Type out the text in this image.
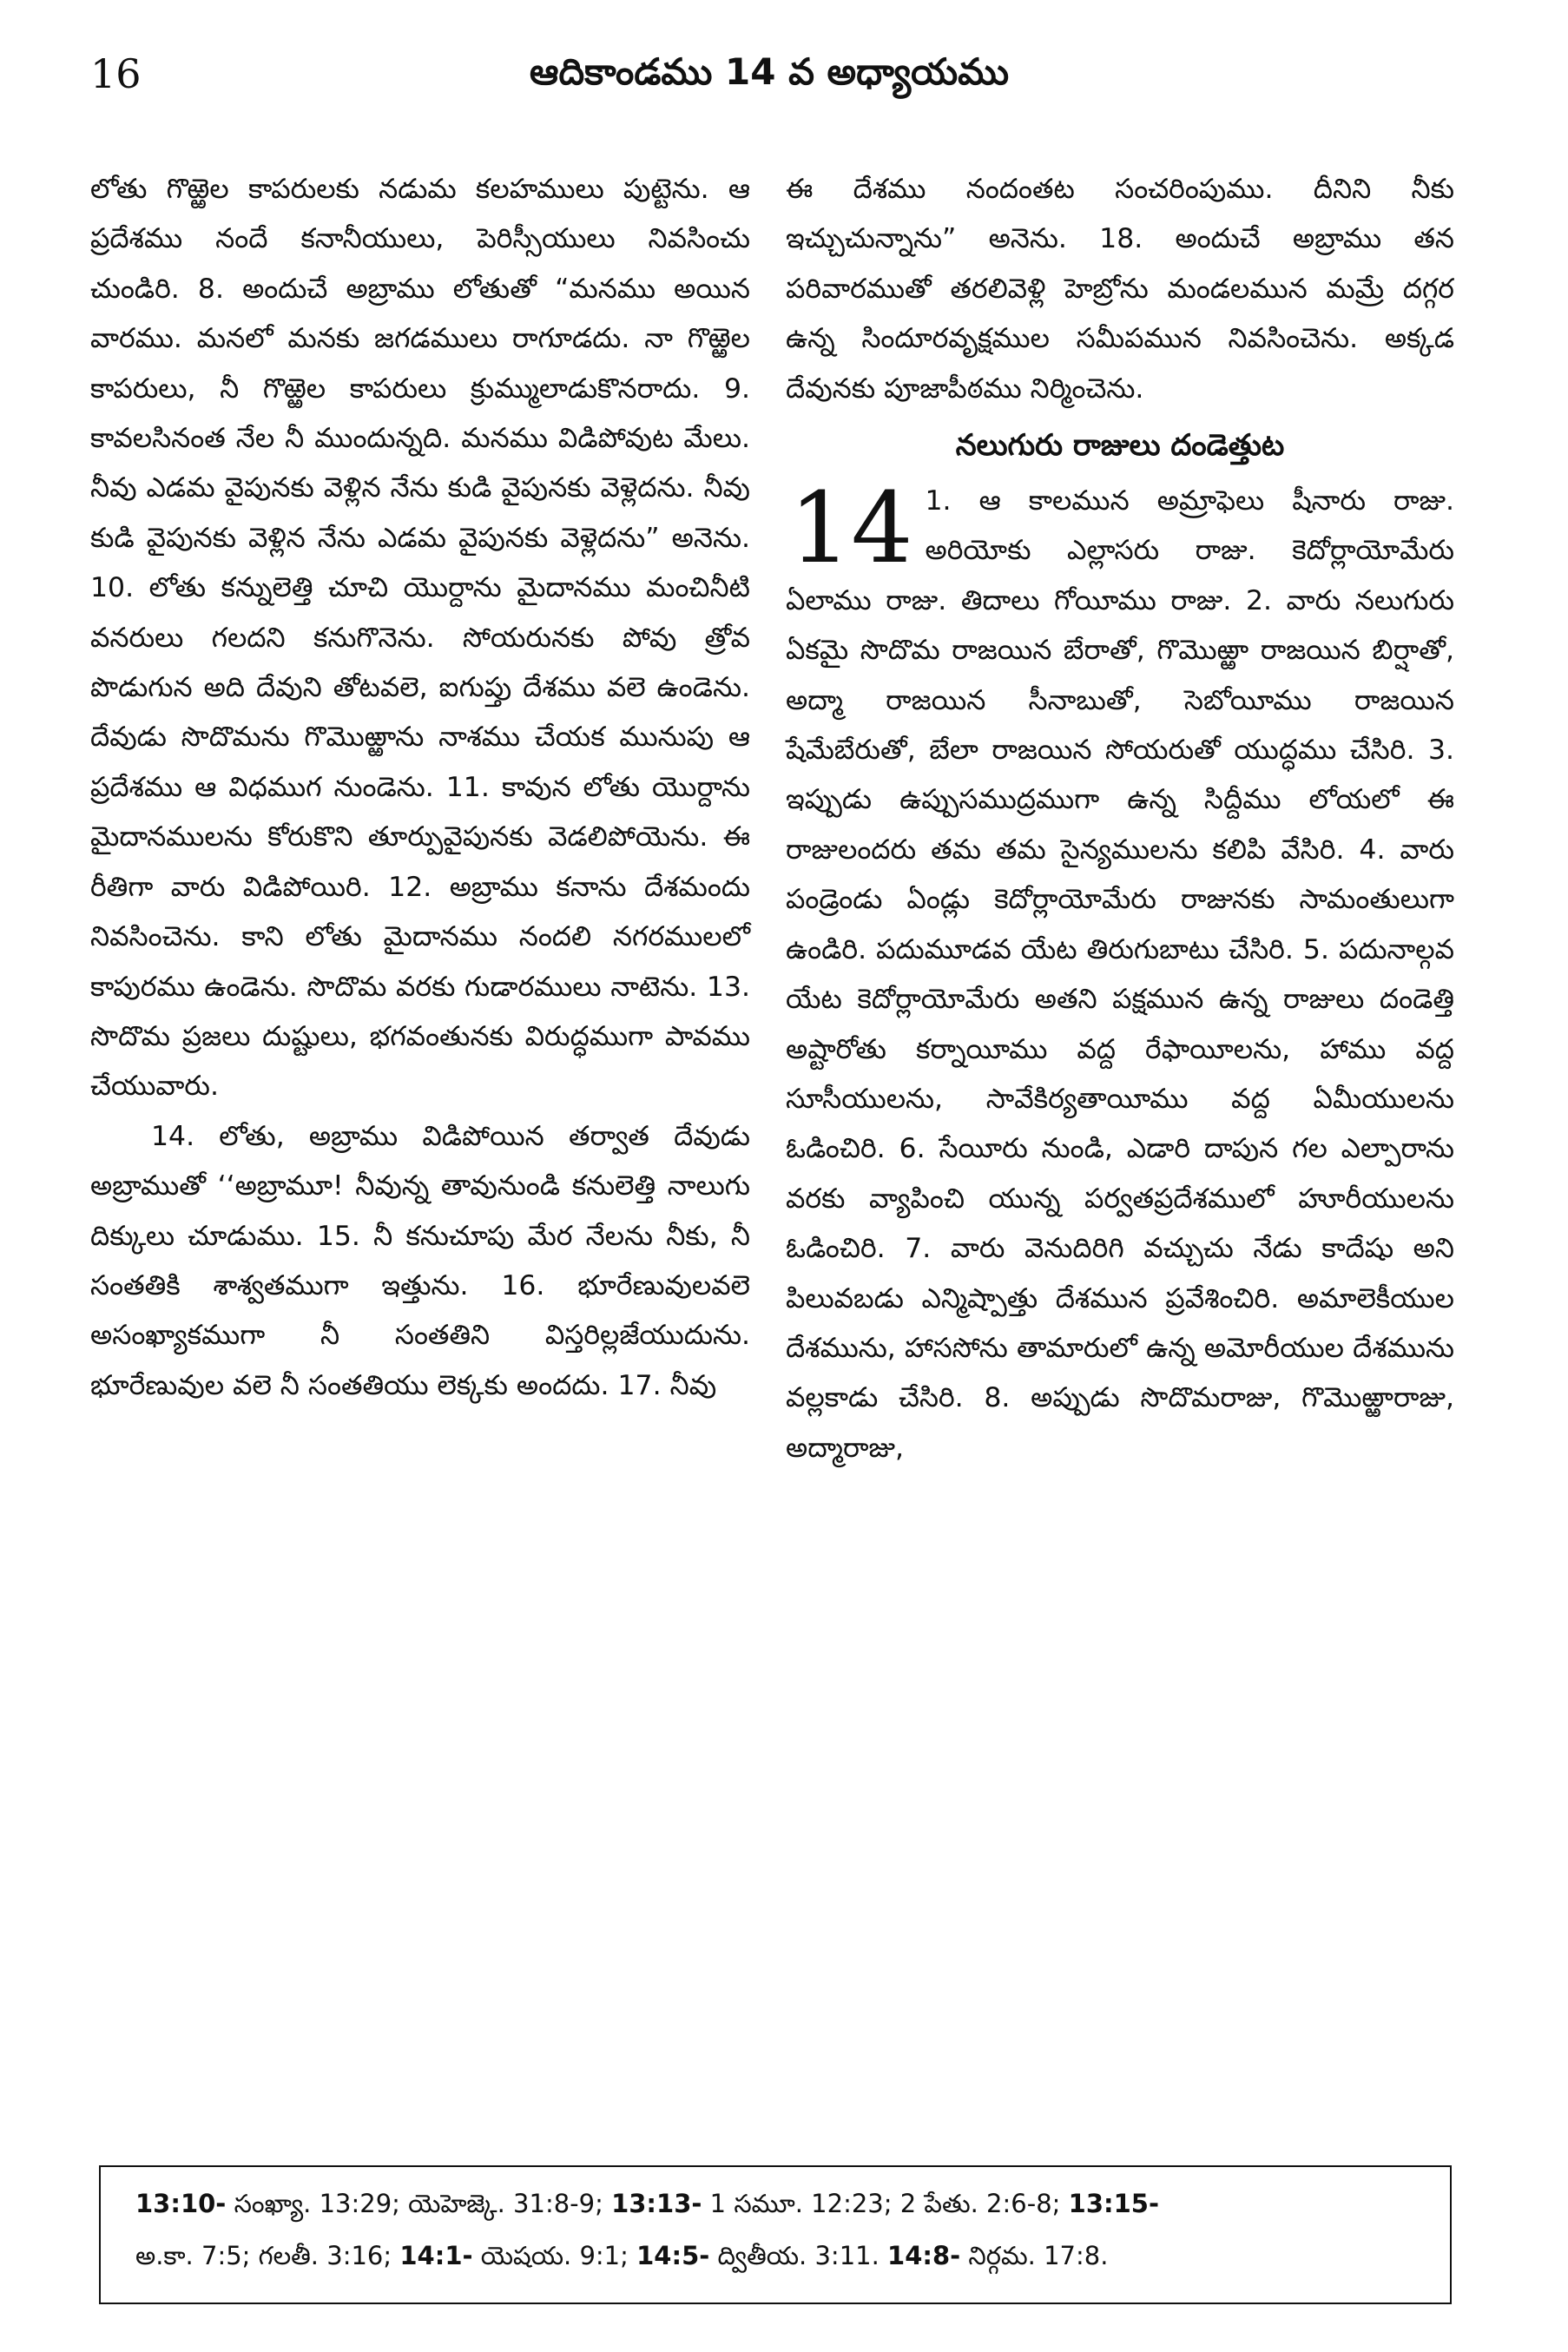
16	ఆదికాండము 14 వ అధ్యాయము

లోతు గొఱ్ఱెల కాపరులకు నడుమ కలహములు పుట్టెను. ఆ ప్రదేశము నందే కనానీయులు, పెరిస్సీయులు నివసించు చుండిరి. 8. అందుచే అబ్రాము లోతుతో “మనము అయిన వారము. మనలో మనకు జగడములు రాగూడదు. నా గొఱ్ఱెల కాపరులు, నీ గొఱ్ఱెల కాపరులు క్రుమ్ములాడుకొనరాదు. 9. కావలసినంత నేల నీ ముందున్నది. మనము విడిపోవుట మేలు. నీవు ఎడమ వైపునకు వెళ్లిన నేను కుడి వైపునకు వెళ్లెదను. నీవు కుడి వైపునకు వెళ్లిన నేను ఎడమ వైపునకు వెళ్లెదను” అనెను. 10. లోతు కన్నులెత్తి చూచి యొర్దాను మైదానము మంచినీటి వనరులు గలదని కనుగొనెను. సోయరునకు పోవు త్రోవ పొడుగున అది దేవుని తోటవలె, ఐగుప్తు దేశము వలె ఉండెను. దేవుడు సొదొమను గొమొఱ్ఱాను నాశము చేయక మునుపు ఆ ప్రదేశము ఆ విధముగ నుండెను. 11. కావున లోతు యొర్దాను మైదానములను కోరుకొని తూర్పువైపునకు వెడలిపోయెను. ఈ రీతిగా వారు విడిపోయిరి. 12. అబ్రాము కనాను దేశమందు నివసించెను. కాని లోతు మైదానము నందలి నగరములలో కాపురము ఉండెను. సొదొమ వరకు గుడారములు నాటెను. 13. సొదొమ ప్రజలు దుష్టులు, భగవంతునకు విరుద్ధముగా పావము చేయువారు.

14. లోతు, అబ్రాము విడిపోయిన తర్వాత దేవుడు అబ్రాముతో ‘‘అబ్రామూ! నీవున్న తావునుండి కనులెత్తి నాలుగు దిక్కులు చూడుము. 15. నీ కనుచూపు మేర నేలను నీకు, నీ సంతతికి శాశ్వతముగా ఇత్తును. 16. భూరేణువులవలె అసంఖ్యాకముగా నీ సంతతిని విస్తరిల్లజేయుదును. భూరేణువుల వలె నీ సంతతియు లెక్కకు అందదు. 17. నీవు

ఈ దేశము నందంతట సంచరింపుము. దీనిని నీకు ఇచ్చుచున్నాను” అనెను. 18. అందుచే అబ్రాము తన పరివారముతో తరలివెళ్లి హెబ్రోను మండలమున మమ్రే దగ్గర ఉన్న సిందూరవృక్షముల సమీపమున నివసించెను. అక్కడ దేవునకు పూజాపీఠము నిర్మించెను.

నలుగురు రాజులు దండెత్తుట

14 1. ఆ కాలమున అమ్రాఫెలు షీనారు రాజు. అరియోకు ఎల్లాసరు రాజు. కెదోర్లాయోమేరు ఏలాము రాజు. తిదాలు గోయీము రాజు. 2. వారు నలుగురు ఏకమై సొదొమ రాజయిన బేరాతో, గొమొఱ్ఱా రాజయిన బిర్షాతో, అద్మా రాజయిన సీనాబుతో, సెబోయీము రాజయిన షేమేబేరుతో, బేలా రాజయిన సోయరుతో యుద్ధము చేసిరి. 3. ఇప్పుడు ఉప్పుసముద్రముగా ఉన్న సిద్దీము లోయలో ఈ రాజులందరు తమ తమ సైన్యములను కలిపి వేసిరి. 4. వారు పండ్రెండు ఏండ్లు కెదోర్లాయోమేరు రాజునకు సామంతులుగా ఉండిరి. పదుమూడవ యేట తిరుగుబాటు చేసిరి. 5. పదునాల్గవ యేట కెదోర్లాయోమేరు అతని పక్షమున ఉన్న రాజులు దండెత్తి అష్టారోతు కర్నాయీము వద్ద రేఫాయీలను, హాము వద్ద సూసీయులను, సావేకిర్యతాయీము వద్ద ఏమీయులను ఓడించిరి. 6. సేయీరు నుండి, ఎడారి దాపున గల ఎల్పారాను వరకు వ్యాపించి యున్న పర్వతప్రదేశములో హూరీయులను ఓడించిరి. 7. వారు వెనుదిరిగి వచ్చుచు నేడు కాదేషు అని పిలువబడు ఎన్మిష్పాత్తు దేశమున ప్రవేశించిరి. అమాలెకీయుల దేశమును, హాససోను తామారులో ఉన్న అమోరీయుల దేశమును వల్లకాడు చేసిరి. 8. అప్పుడు సొదొమరాజు, గొమొఱ్ఱారాజు, అద్మారాజు,

13:10- సంఖ్యా. 13:29; యెహెజ్కె. 31:8-9; 13:13- 1 సమూ. 12:23; 2 పేతు. 2:6-8; 13:15-

అ.కా. 7:5; గలతీ. 3:16; 14:1- యెషయ. 9:1; 14:5- ద్వితీయ. 3:11. 14:8- నిర్గమ. 17:8.
